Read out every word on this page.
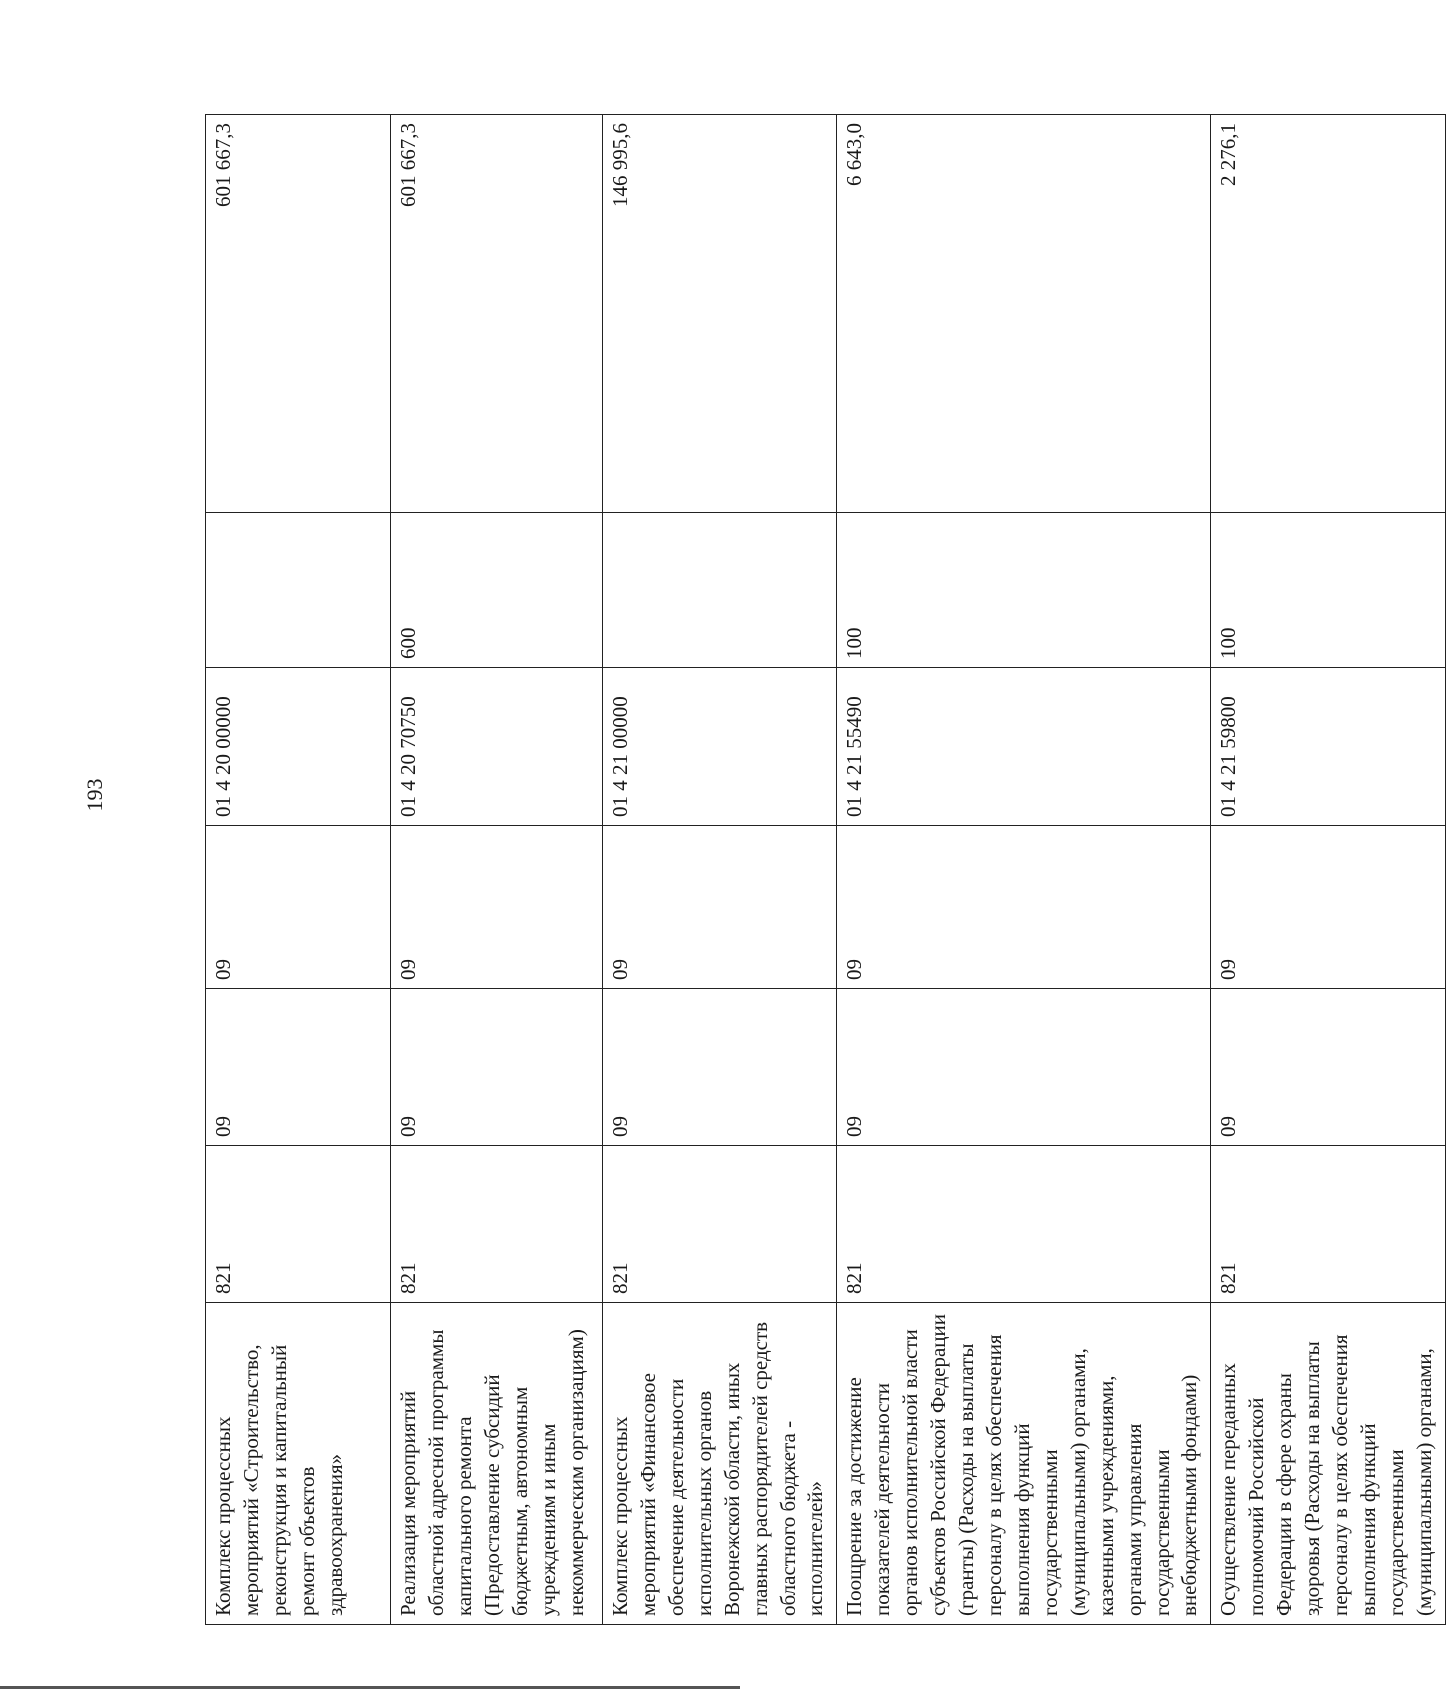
193
Комплекс процессных мероприятий «Строительство, реконструкция и капитальный ремонт объектов здравоохранения»	821	09	09	01 4 20 00000		601 667,3
Реализация мероприятий областной адресной программы капитального ремонта (Предоставление субсидий бюджетным, автономным учреждениям и иным некоммерческим организациям)	821	09	09	01 4 20 70750	600	601 667,3
Комплекс процессных мероприятий «Финансовое обеспечение деятельности исполнительных органов Воронежской области, иных главных распорядителей средств областного бюджета - исполнителей»	821	09	09	01 4 21 00000		146 995,6
Поощрение за достижение показателей деятельности органов исполнительной власти субъектов Российской Федерации (гранты) (Расходы на выплаты персоналу в целях обеспечения выполнения функций государственными (муниципальными) органами, казенными учреждениями, органами управления государственными внебюджетными фондами)	821	09	09	01 4 21 55490	100	6 643,0
Осуществление переданных полномочий Российской Федерации в сфере охраны здоровья (Расходы на выплаты персоналу в целях обеспечения выполнения функций государственными (муниципальными) органами,	821	09	09	01 4 21 59800	100	2 276,1
